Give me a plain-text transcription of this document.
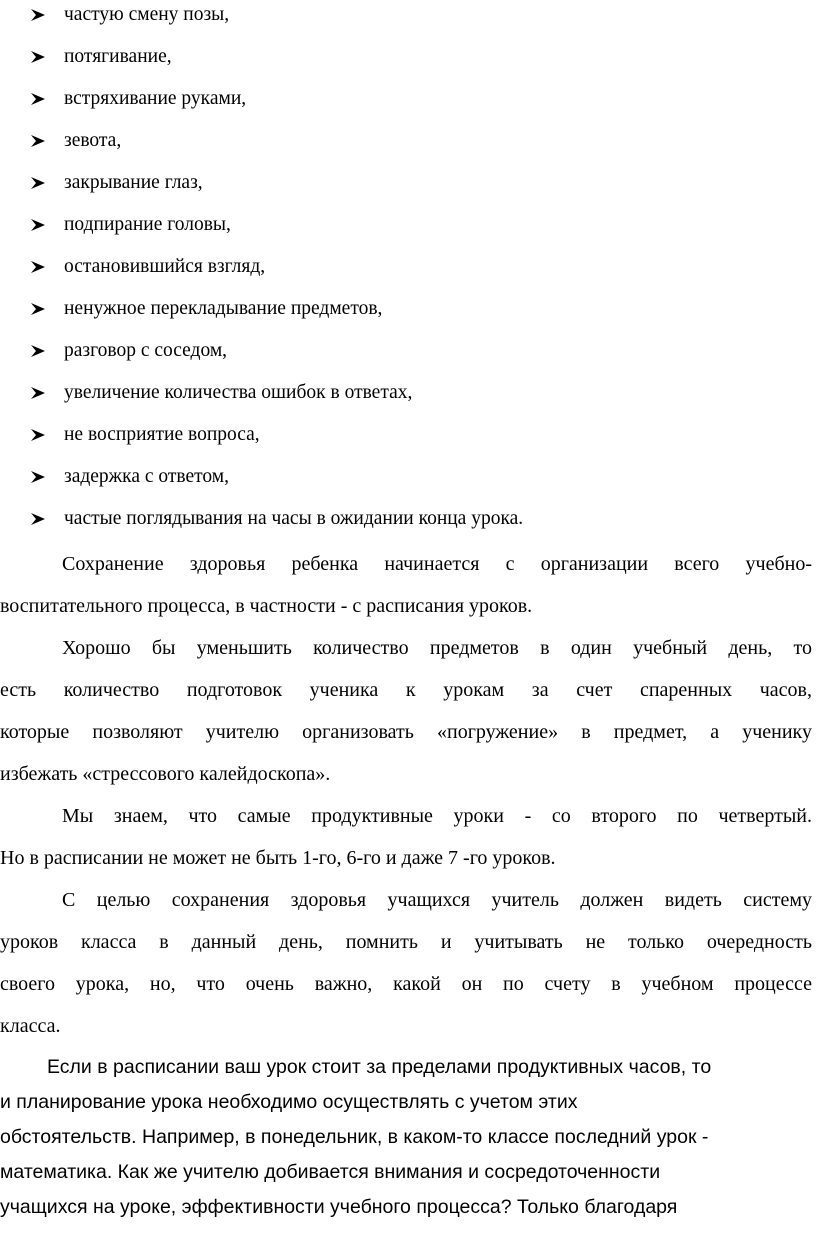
частую смену позы,
потягивание,
встряхивание руками,
зевота,
закрывание глаз,
подпирание головы,
остановившийся взгляд,
ненужное перекладывание предметов,
разговор с соседом,
увеличение количества ошибок в ответах,
не восприятие вопроса,
задержка с ответом,
частые поглядывания на часы в ожидании конца урока.
Сохранение здоровья ребенка начинается с организации всего учебно-
воспитательного процесса, в частности - с расписания уроков.
Хорошо бы уменьшить количество предметов в один учебный день, то
есть количество подготовок ученика к урокам за счет спаренных часов,
которые позволяют учителю организовать «погружение» в предмет, а ученику
избежать «стрессового калейдоскопа».
Мы знаем, что самые продуктивные уроки - со второго по четвертый.
Но в расписании не может не быть 1-го, 6-го и даже 7 -го уроков.
С целью сохранения здоровья учащихся учитель должен видеть систему
уроков класса в данный день, помнить и учитывать не только очередность
своего урока, но, что очень важно, какой он по счету в учебном процессе
класса.
Если в расписании ваш урок стоит за пределами продуктивных часов, то
и планирование урока необходимо осуществлять с учетом этих
обстоятельств. Например, в понедельник, в каком-то классе последний урок -
математика. Как же учителю добивается внимания и сосредоточенности
учащихся на уроке, эффективности учебного процесса? Только благодаря
